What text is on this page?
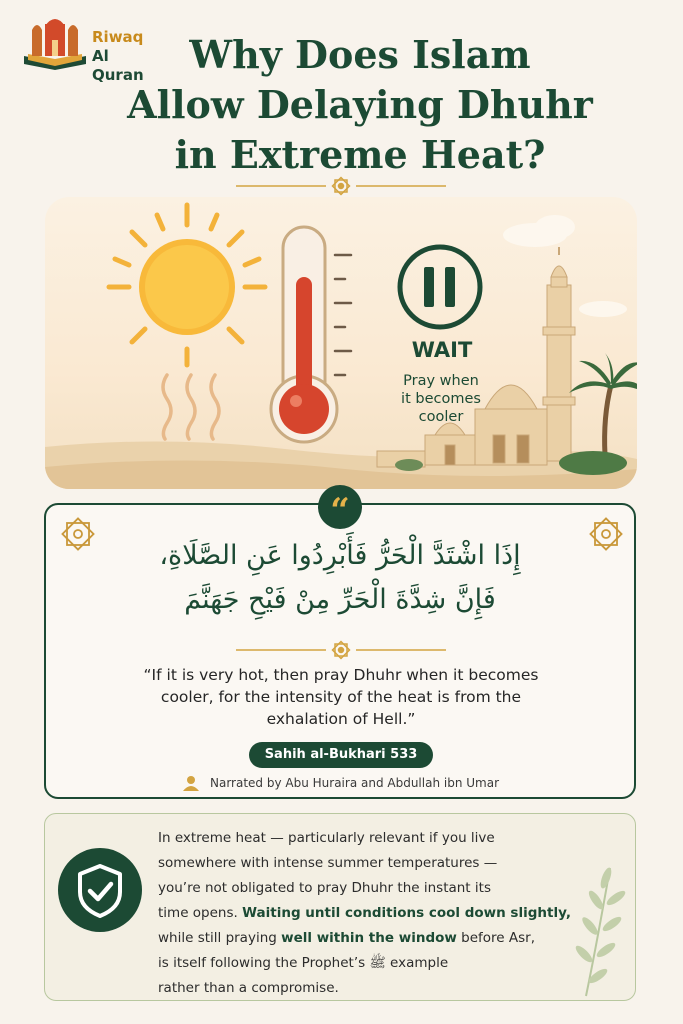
Riwaq
Al Quran	Why Does Islam
Allow Delaying Dhuhr
in Extreme Heat?
WAIT
Pray when
it becomes
cooler
“
إِذَا اشْتَدَّ الْحَرُّ فَأَبْرِدُوا عَنِ الصَّلَاةِ،
فَإِنَّ شِدَّةَ الْحَرِّ مِنْ فَيْحِ جَهَنَّمَ
“If it is very hot, then pray Dhuhr when it becomes
cooler, for the intensity of the heat is from the
exhalation of Hell.”
Sahih al-Bukhari 533
Narrated by Abu Huraira and Abdullah ibn Umar
In extreme heat — particularly relevant if you live
somewhere with intense summer temperatures —
you’re not obligated to pray Dhuhr the instant its
time opens. Waiting until conditions cool down slightly,
while still praying well within the window before Asr,
is itself following the Prophet’s ﷺ example
rather than a compromise.
